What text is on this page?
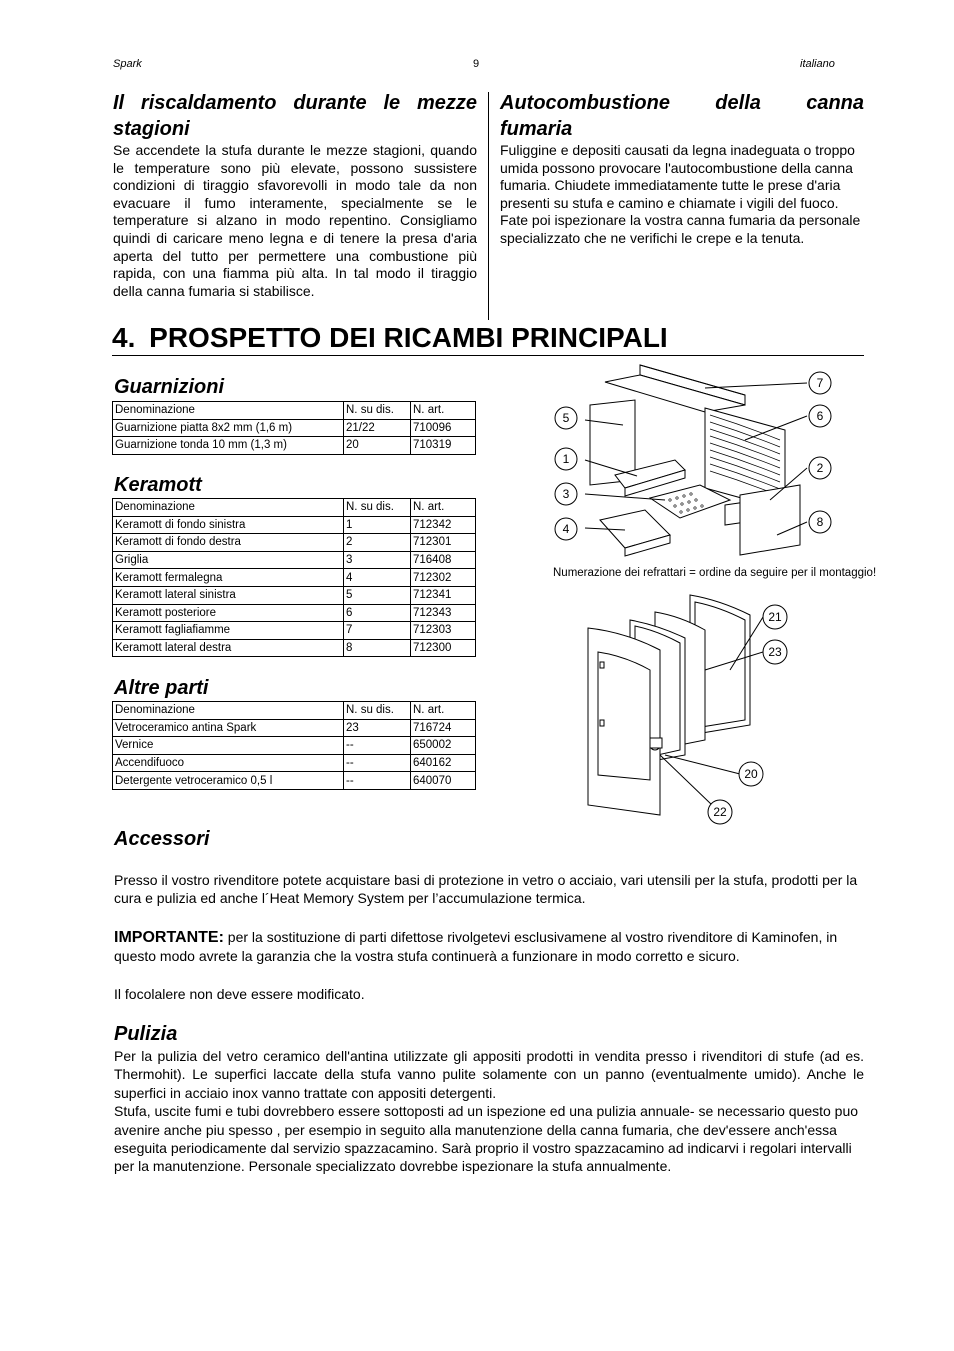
Spark	9	italiano
Il riscaldamento durante le mezze
stagioni

Se accendete la stufa durante le mezze stagioni, quando le temperature sono più elevate, possono sussistere condizioni di tiraggio sfavorevolli in modo tale da non evacuare il fumo interamente, specialmente se le temperature si alzano in modo repentino. Consigliamo quindi di caricare meno legna e di tenere la presa d'aria aperta del tutto per permettere una combustione più rapida, con una fiamma più alta. In tal modo il tiraggio della canna fumaria si stabilisce.

Autocombustione della canna
fumaria

Fuliggine e depositi causati da legna inadeguata o troppo umida possono provocare l'autocombustione della canna fumaria. Chiudete immediatamente tutte le prese d'aria presenti su stufa e camino e chiamate i vigili del fuoco. Fate poi ispezionare la vostra canna fumaria da personale specializzato che ne verifichi le crepe e la tenuta.

4. PROSPETTO DEI RICAMBI PRINCIPALI
Guarnizioni
Denominazione	N. su dis.	N. art.
Guarnizione piatta 8x2 mm (1,6 m)	21/22	710096
Guarnizione tonda 10 mm (1,3 m)	20	710319
Keramott
Denominazione	N. su dis.	N. art.
Keramott di fondo sinistra	1	712342
Keramott di fondo destra	2	712301
Griglia	3	716408
Keramott fermalegna	4	712302
Keramott lateral sinistra	5	712341
Keramott posteriore	6	712343
Keramott fagliafiamme	7	712303
Keramott lateral destra	8	712300
Altre parti
Denominazione	N. su dis.	N. art.
Vetroceramico antina Spark	23	716724
Vernice	--	650002
Accendifuoco	--	640162
Detergente vetroceramico 0,5 l	--	640070
7
6
5
1
2
3
4	8
Numerazione dei refrattari = ordine da seguire per il montaggio!
21
23
20
22
Accessori

Presso il vostro rivenditore potete acquistare basi di protezione in vetro o acciaio, vari utensili per la stufa, prodotti per la cura e pulizia ed anche l´Heat Memory System per l’accumulazione termica.

IMPORTANTE: per la sostituzione di parti difettose rivolgetevi esclusivamene al vostro rivenditore di Kaminofen, in questo modo avrete la garanzia che la vostra stufa continuerà a funzionare in modo corretto e sicuro.

Il focolalere non deve essere modificato.

Pulizia

Per la pulizia del vetro ceramico dell'antina utilizzate gli appositi prodotti in vendita presso i rivenditori di stufe (ad es. Thermohit). Le superfici laccate della stufa vanno pulite solamente con un panno (eventualmente umido). Anche le superfici in acciaio inox vanno trattate con appositi detergenti.

Stufa, uscite fumi e tubi dovrebbero essere sottoposti ad un ispezione ed una pulizia annuale- se necessario questo puo avenire anche piu spesso , per esempio in seguito alla manutenzione della canna fumaria, che dev'essere anch'essa eseguita periodicamente dal servizio spazzacamino. Sarà proprio il vostro spazzacamino ad indicarvi i regolari intervalli per la manutenzione. Personale specializzato dovrebbe ispezionare la stufa annualmente.
